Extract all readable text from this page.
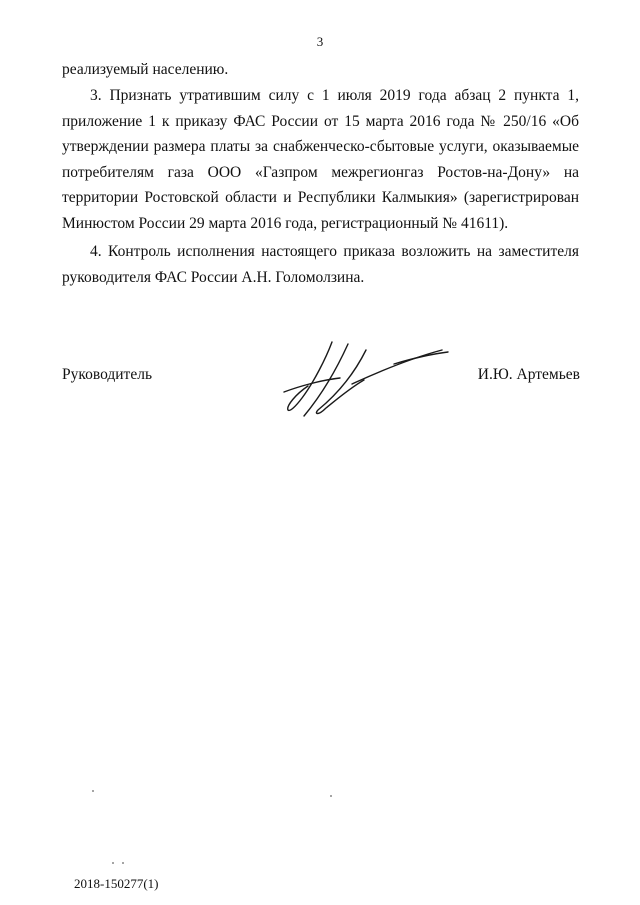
3

реализуемый населению.

3. Признать утратившим силу с 1 июля 2019 года абзац 2 пункта 1, приложение 1 к приказу ФАС России от 15 марта 2016 года № 250/16 «Об утверждении размера платы за снабженческо-сбытовые услуги, оказываемые потребителям газа ООО «Газпром межрегионгаз Ростов-на-Дону» на территории Ростовской области и Республики Калмыкия» (зарегистрирован Минюстом России 29 марта 2016 года, регистрационный № 41611).

4. Контроль исполнения настоящего приказа возложить на заместителя руководителя ФАС России А.Н. Голомолзина.

Руководитель	И.Ю. Артемьев
2018-150277(1)
